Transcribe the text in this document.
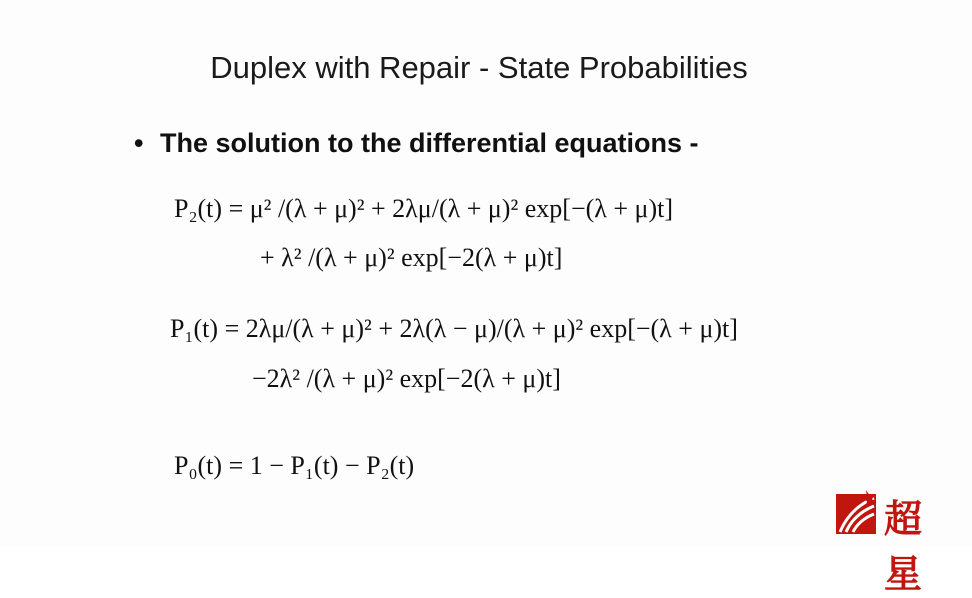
Duplex with Repair - State Probabilities
• The solution to the differential equations -
P₂(t) = μ² /(λ + μ)² + 2λμ/(λ + μ)² exp[−(λ + μ)t]
+ λ² /(λ + μ)² exp[−2(λ + μ)t]
P₁(t) = 2λμ/(λ + μ)² + 2λ(λ − μ)/(λ + μ)² exp[−(λ + μ)t]
−2λ² /(λ + μ)² exp[−2(λ + μ)t]
P₀(t) = 1 − P₁(t) − P₂(t)
超星
